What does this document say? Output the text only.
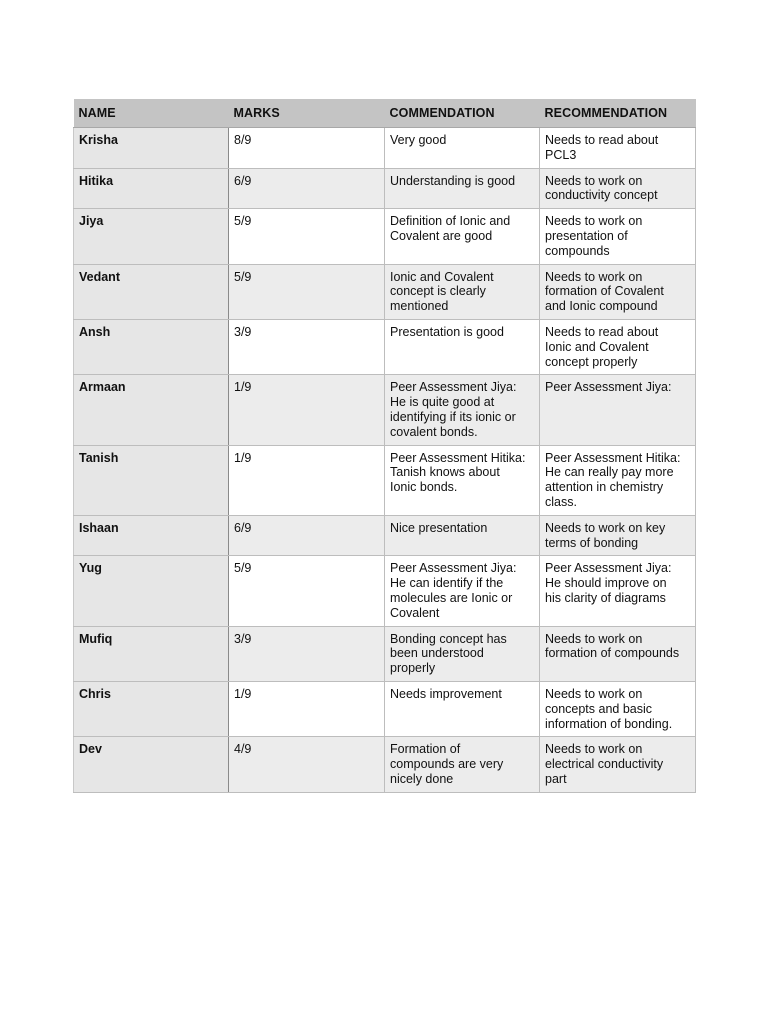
NAME	MARKS	COMMENDATION	RECOMMENDATION
Krisha	8/9	Very good	Needs to read about
PCL3
Hitika	6/9	Understanding is good	Needs to work on
conductivity concept
Jiya	5/9	Definition of Ionic and
Covalent are good	Needs to work on
presentation of
compounds
Vedant	5/9	Ionic and Covalent
concept is clearly
mentioned	Needs to work on
formation of Covalent
and Ionic compound
Ansh	3/9	Presentation is good	Needs to read about
Ionic and Covalent
concept properly
Armaan	1/9	Peer Assessment Jiya:
He is quite good at
identifying if its ionic or
covalent bonds.	Peer Assessment Jiya:
Tanish	1/9	Peer Assessment Hitika:
Tanish knows about
Ionic bonds.	Peer Assessment Hitika:
He can really pay more
attention in chemistry
class.
Ishaan	6/9	Nice presentation	Needs to work on key
terms of bonding
Yug	5/9	Peer Assessment Jiya:
He can identify if the
molecules are Ionic or
Covalent	Peer Assessment Jiya:
He should improve on
his clarity of diagrams
Mufiq	3/9	Bonding concept has
been understood
properly	Needs to work on
formation of compounds
Chris	1/9	Needs improvement	Needs to work on
concepts and basic
information of bonding.
Dev	4/9	Formation of
compounds are very
nicely done	Needs to work on
electrical conductivity
part
